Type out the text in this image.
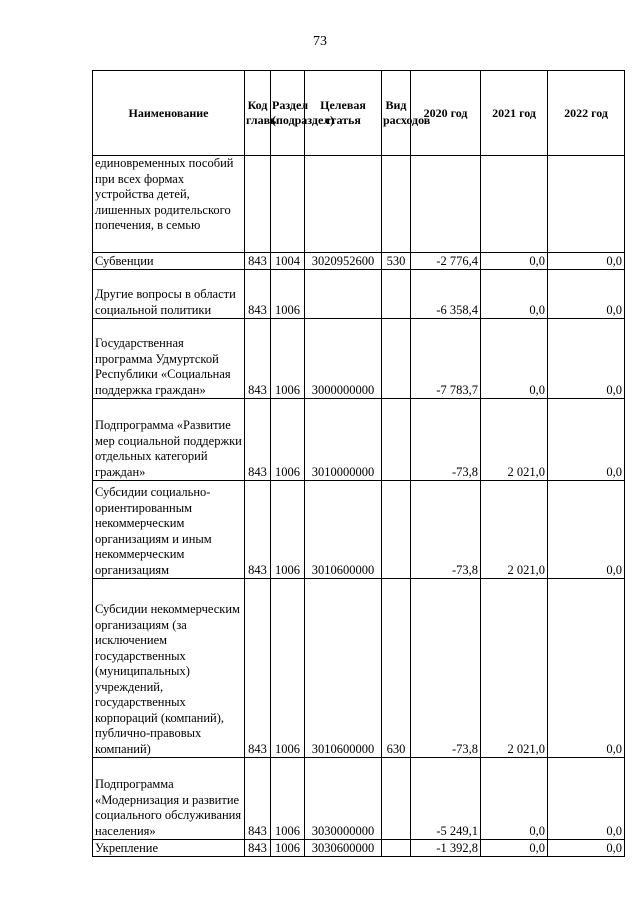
73
Наименование	Код главы	Раздел (подраздел)	Целевая статья	Вид расходов	2020 год	2021 год	2022 год
единовременных пособий при всех формах устройства детей, лишенных родительского попечения, в семью							
Субвенции	843	1004	3020952600	530	-2 776,4	0,0	0,0
Другие вопросы в области социальной политики	843	1006			-6 358,4	0,0	0,0
Государственная программа Удмуртской Республики «Социальная поддержка граждан»	843	1006	3000000000		-7 783,7	0,0	0,0
Подпрограмма «Развитие мер социальной поддержки отдельных категорий граждан»	843	1006	3010000000		-73,8	2 021,0	0,0
Субсидии социально-ориентированным некоммерческим организациям и иным некоммерческим организациям	843	1006	3010600000		-73,8	2 021,0	0,0
Субсидии некоммерческим организациям (за исключением государственных (муниципальных) учреждений, государственных корпораций (компаний), публично-правовых компаний)	843	1006	3010600000	630	-73,8	2 021,0	0,0
Подпрограмма «Модернизация и развитие социального обслуживания населения»	843	1006	3030000000		-5 249,1	0,0	0,0
Укрепление	843	1006	3030600000		-1 392,8	0,0	0,0
